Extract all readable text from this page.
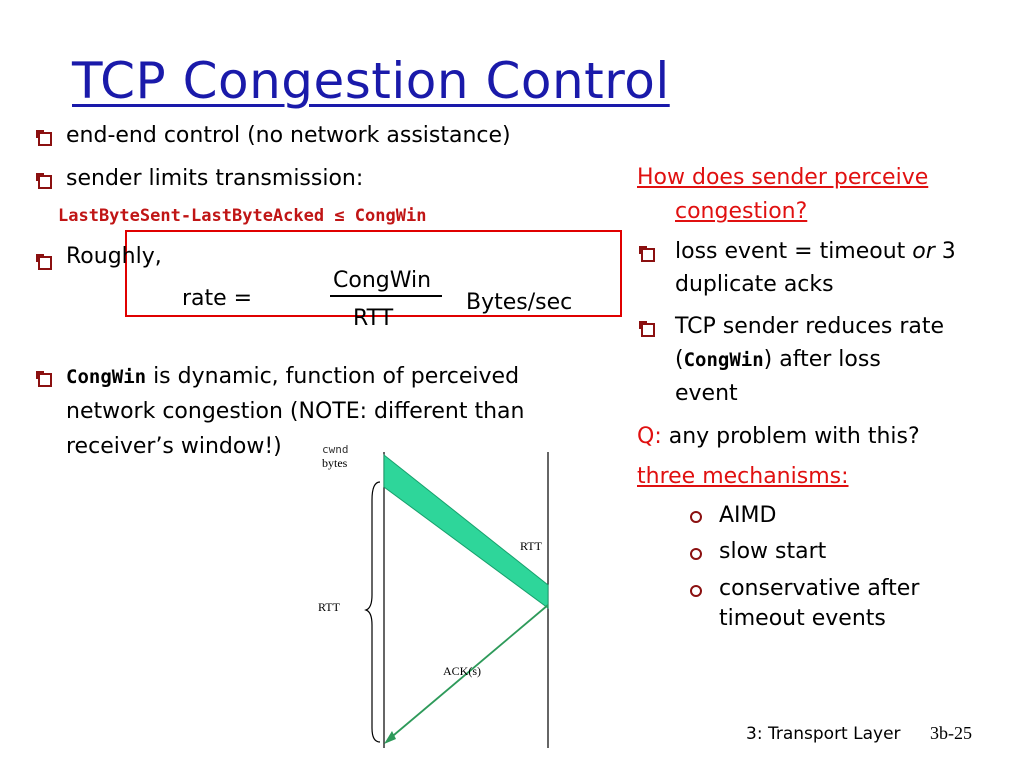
TCP Congestion Control
end-end control (no network assistance)
sender limits transmission:
LastByteSent-LastByteAcked ≤ CongWin
Roughly,
rate =
CongWin
RTT
Bytes/sec
CongWin is dynamic, function of perceived
network congestion (NOTE: different than
receiver’s window!)	cwnd
bytes
RTT
RTT
ACK(s)
How does sender perceive
congestion?
loss event = timeout or 3
duplicate acks
TCP sender reduces rate
(CongWin) after loss
event
Q: any problem with this?
three mechanisms:
AIMD
slow start
conservative after
timeout events
3: Transport Layer 3b-25
